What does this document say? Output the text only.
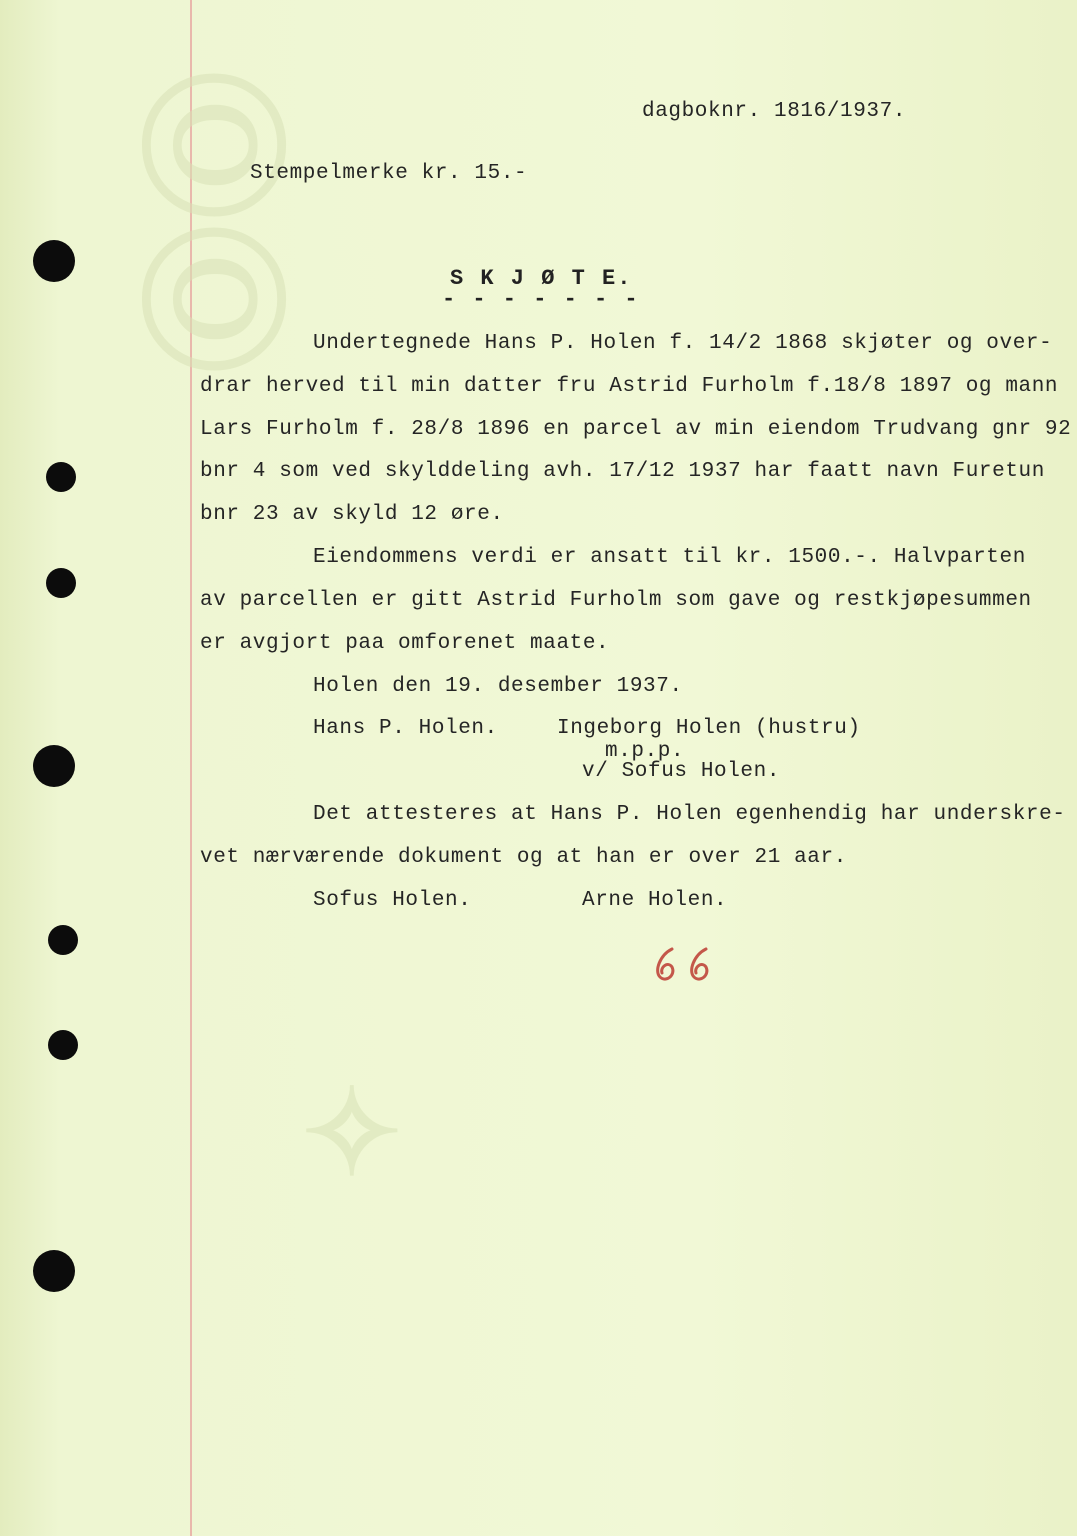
ⓄⓄ
✧
dagboknr. 1816/1937.
Stempelmerke kr. 15.-
S K J Ø T E.
- - - - - - -
Undertegnede Hans P. Holen f. 14/2 1868 skjøter og over-
drar herved til min datter fru Astrid Furholm f.18/8 1897 og mann
Lars Furholm f. 28/8 1896 en parcel av min eiendom Trudvang gnr 92
bnr 4 som ved skylddeling avh. 17/12 1937 har faatt navn Furetun
bnr 23 av skyld 12 øre.
Eiendommens verdi er ansatt til kr. 1500.-. Halvparten
av parcellen er gitt Astrid Furholm som gave og restkjøpesummen
er avgjort paa omforenet maate.
Holen den 19. desember 1937.
Hans P. Holen.	Ingeborg Holen (hustru)
m.p.p.
v/ Sofus Holen.
Det attesteres at Hans P. Holen egenhendig har underskre-
vet nærværende dokument og at han er over 21 aar.
Sofus Holen.	Arne Holen.
